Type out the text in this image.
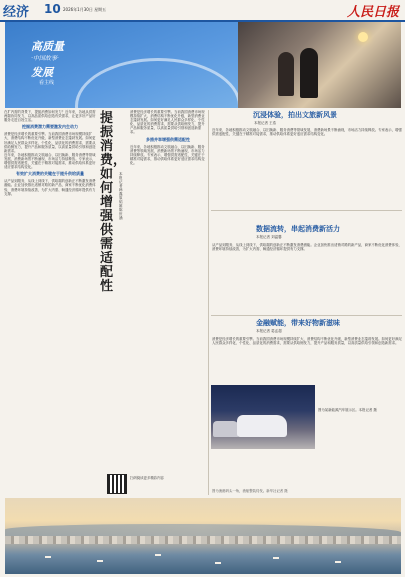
经济 10 2026年1月30日 星期五	人民日报
高质量
·中国故事·
发展
看主线
在扩内需的背景下，提振消费如何发力？近年来，各地从供需两端协同发力，以高品质供给创造有效需求，让更多好产品好服务走进百姓生活。
挖掘消费潜力需要激发内生动力
消费是经济增长的重要引擎。当前我国消费市场规模持续扩大，消费结构不断优化升级，新型消费业态蓬勃发展。如何更好满足人民群众多样化、个性化、品质化的消费需求，需要从供给侧发力，提升产品和服务质量，以高质量供给引领和创造新需求。
近年来，各地积极推动文旅融合、以旧换新、服务消费等领域发展，消费新场景不断涌现，市场活力持续释放。专家表示，增强供需适配性，关键在于精准对接需求，推动供给体系更好适应需求结构变化。
有效扩大消费的关键在于提升供给质量
从产品到服务，从线上到线下，供给端的创新正不断激发消费潜能。企业加快推出适销对路的新产品，商家不断优化消费体验，消费环境持续改善，为扩大内需、畅通经济循环提供有力支撑。
提振消费，如何增强供需适配性
本报记者 韩鑫 原韬雄 陈世涵
消费是经济增长的重要引擎。当前我国消费市场规模持续扩大，消费结构不断优化升级，新型消费业态蓬勃发展。如何更好满足人民群众多样化、个性化、品质化的消费需求，需要从供给侧发力，提升产品和服务质量，以高质量供给引领和创造新需求。
多措并举增强供需适配性
近年来，各地积极推动文旅融合、以旧换新、服务消费等领域发展，消费新场景不断涌现，市场活力持续释放。专家表示，增强供需适配性，关键在于精准对接需求，推动供给体系更好适应需求结构变化。
沉浸体验，拍出文旅新风景
本报记者 王浩
近年来，各地积极推动文旅融合、以旧换新、服务消费等领域发展，消费新场景不断涌现，市场活力持续释放。专家表示，增强供需适配性，关键在于精准对接需求，推动供给体系更好适应需求结构变化。
数据流转，串起消费新活力
本报记者 刘温馨
从产品到服务，从线上到线下，供给端的创新正不断激发消费潜能。企业加快推出适销对路的新产品，商家不断优化消费体验，消费环境持续改善，为扩大内需、畅通经济循环提供有力支撑。
金融赋能，带来好物新滋味
本报记者 葛孟超
消费是经济增长的重要引擎。当前我国消费市场规模持续扩大，消费结构不断优化升级，新型消费业态蓬勃发展。如何更好满足人民群众多样化、个性化、品质化的消费需求，需要从供给侧发力，提升产品和服务质量，以高质量供给引领和创造新需求。
图为某新能源汽车展示区。本报记者 摄
扫码阅读更多精彩内容
图为渔港码头一角，渔船整装待发。新华社记者 摄
